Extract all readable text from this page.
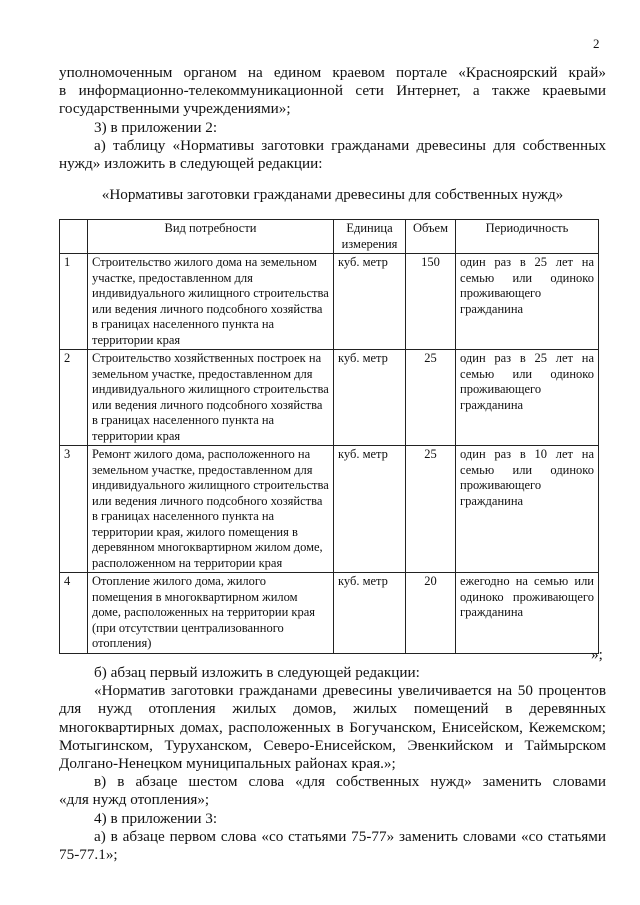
2

уполномоченным органом на едином краевом портале «Красноярский край»

в информационно-телекоммуникационной сети Интернет, а также краевыми

государственными учреждениями»;

3) в приложении 2:

а) таблицу «Нормативы заготовки гражданами древесины для собственных

нужд» изложить в следующей редакции:

«Нормативы заготовки гражданами древесины для собственных нужд»
	Вид потребности	Единица измерения	Объем	Периодичность
1	Строительство жилого дома на земельном участке, предоставленном для индивидуального жилищного строительства или ведения личного подсобного хозяйства в границах населенного пункта на территории края	куб. метр	150	один раз в 25 лет на семью или одиноко проживающего гражданина
2	Строительство хозяйственных построек на земельном участке, предоставленном для индивидуального жилищного строительства или ведения личного подсобного хозяйства в границах населенного пункта на территории края	куб. метр	25	один раз в 25 лет на семью или одиноко проживающего гражданина
3	Ремонт жилого дома, расположенного на земельном участке, предоставленном для индивидуального жилищного строительства или ведения личного подсобного хозяйства в границах населенного пункта на территории края, жилого помещения в деревянном многоквартирном жилом доме, расположенном на территории края	куб. метр	25	один раз в 10 лет на семью или одиноко проживающего гражданина
4	Отопление жилого дома, жилого помещения в многоквартирном жилом доме, расположенных на территории края (при отсутствии централизованного отопления)	куб. метр	20	ежегодно на семью или одиноко проживающего гражданина
»;

б) абзац первый изложить в следующей редакции:

«Норматив заготовки гражданами древесины увеличивается на 50 процентов

для нужд отопления жилых домов, жилых помещений в деревянных

многоквартирных домах, расположенных в Богучанском, Енисейском, Кежемском;

Мотыгинском, Туруханском, Северо-Енисейском, Эвенкийском и Таймырском

Долгано-Ненецком муниципальных районах края.»;

в) в абзаце шестом слова «для собственных нужд» заменить словами

«для нужд отопления»;

4) в приложении 3:

а) в абзаце первом слова «со статьями 75-77» заменить словами «со статьями

75-77.1»;
